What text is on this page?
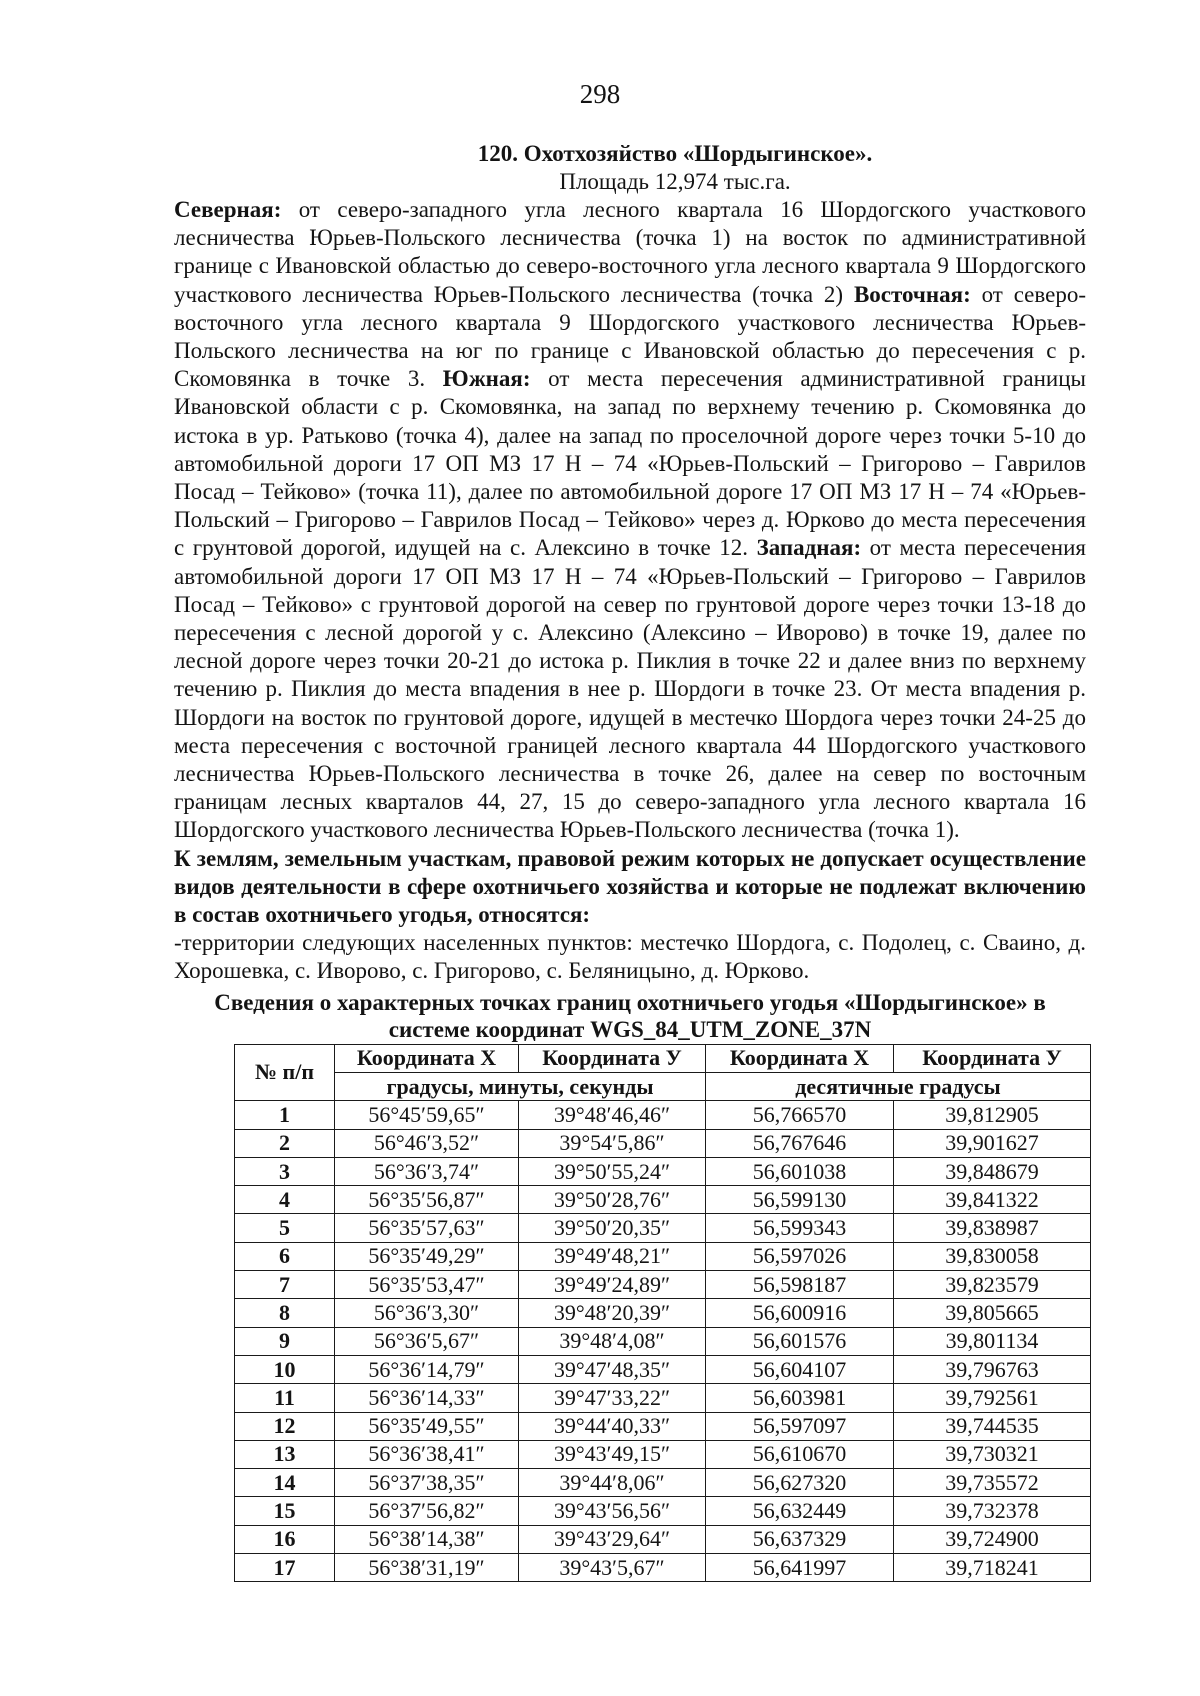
298
120. Охотхозяйство «Шордыгинское».
Площадь 12,974 тыс.га.

Северная: от северо-западного угла лесного квартала 16 Шордогского участкового лесничества Юрьев-Польского лесничества (точка 1) на восток по административной границе с Ивановской областью до северо-восточного угла лесного квартала 9 Шордогского участкового лесничества Юрьев-Польского лесничества (точка 2) Восточная: от северо-восточного угла лесного квартала 9 Шордогского участкового лесничества Юрьев-Польского лесничества на юг по границе с Ивановской областью до пересечения с р. Скомовянка в точке 3. Южная: от места пересечения административной границы Ивановской области с р. Скомовянка, на запад по верхнему течению р. Скомовянка до истока в ур. Ратьково (точка 4), далее на запад по проселочной дороге через точки 5-10 до автомобильной дороги 17 ОП МЗ 17 Н – 74 «Юрьев-Польский – Григорово – Гаврилов Посад – Тейково» (точка 11), далее по автомобильной дороге 17 ОП МЗ 17 Н – 74 «Юрьев-Польский – Григорово – Гаврилов Посад – Тейково» через д. Юрково до места пересечения с грунтовой дорогой, идущей на с. Алексино в точке 12. Западная: от места пересечения автомобильной дороги 17 ОП МЗ 17 Н – 74 «Юрьев-Польский – Григорово – Гаврилов Посад – Тейково» с грунтовой дорогой на север по грунтовой дороге через точки 13-18 до пересечения с лесной дорогой у с. Алексино (Алексино – Иворово) в точке 19, далее по лесной дороге через точки 20-21 до истока р. Пиклия в точке 22 и далее вниз по верхнему течению р. Пиклия до места впадения в нее р. Шордоги в точке 23. От места впадения р. Шордоги на восток по грунтовой дороге, идущей в местечко Шордога через точки 24-25 до места пересечения с восточной границей лесного квартала 44 Шордогского участкового лесничества Юрьев-Польского лесничества в точке 26, далее на север по восточным границам лесных кварталов 44, 27, 15 до северо-западного угла лесного квартала 16 Шордогского участкового лесничества Юрьев-Польского лесничества (точка 1).

К землям, земельным участкам, правовой режим которых не допускает осуществление видов деятельности в сфере охотничьего хозяйства и которые не подлежат включению в состав охотничьего угодья, относятся:

-территории следующих населенных пунктов: местечко Шордога, с. Подолец, с. Сваино, д. Хорошевка, с. Иворово, с. Григорово, с. Беляницыно, д. Юрково.

Сведения о характерных точках границ охотничьего угодья «Шордыгинское» в
системе координат WGS_84_UTM_ZONE_37N
№ п/п	Координата Х	Координата У	Координата Х	Координата У
	градусы, минуты, секунды		десятичные градусы	
1	56°45′59,65″	39°48′46,46″	56,766570	39,812905
2	56°46′3,52″	39°54′5,86″	56,767646	39,901627
3	56°36′3,74″	39°50′55,24″	56,601038	39,848679
4	56°35′56,87″	39°50′28,76″	56,599130	39,841322
5	56°35′57,63″	39°50′20,35″	56,599343	39,838987
6	56°35′49,29″	39°49′48,21″	56,597026	39,830058
7	56°35′53,47″	39°49′24,89″	56,598187	39,823579
8	56°36′3,30″	39°48′20,39″	56,600916	39,805665
9	56°36′5,67″	39°48′4,08″	56,601576	39,801134
10	56°36′14,79″	39°47′48,35″	56,604107	39,796763
11	56°36′14,33″	39°47′33,22″	56,603981	39,792561
12	56°35′49,55″	39°44′40,33″	56,597097	39,744535
13	56°36′38,41″	39°43′49,15″	56,610670	39,730321
14	56°37′38,35″	39°44′8,06″	56,627320	39,735572
15	56°37′56,82″	39°43′56,56″	56,632449	39,732378
16	56°38′14,38″	39°43′29,64″	56,637329	39,724900
17	56°38′31,19″	39°43′5,67″	56,641997	39,718241
